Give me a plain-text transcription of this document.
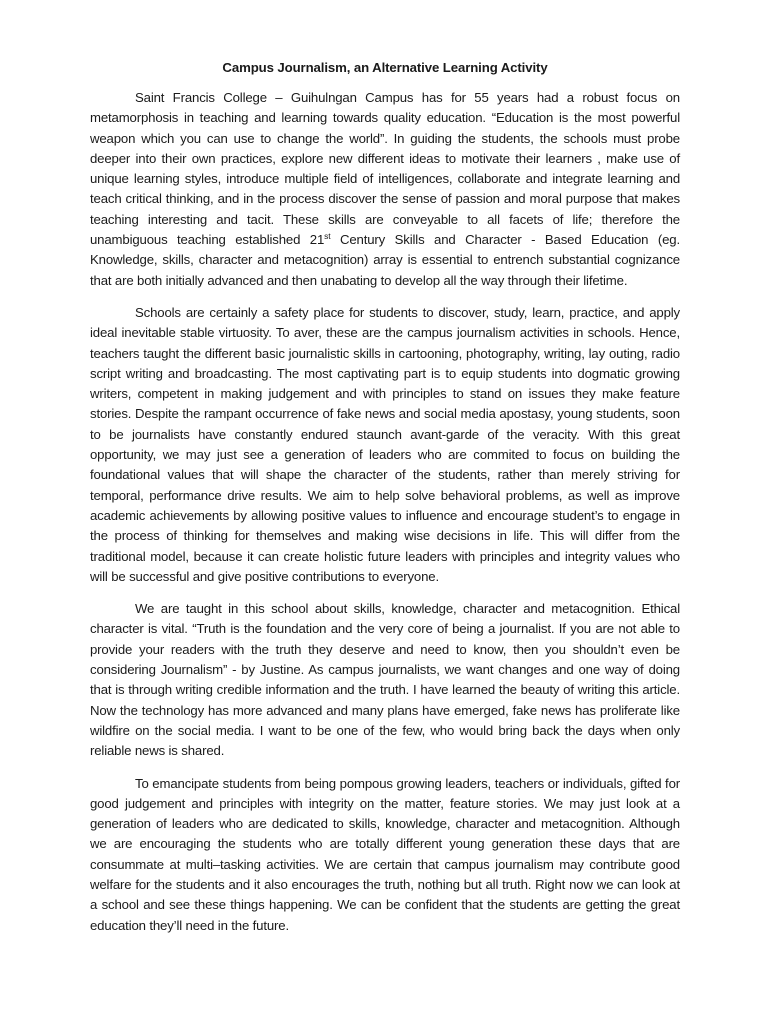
Campus Journalism, an Alternative Learning Activity

Saint Francis College – Guihulngan Campus has for 55 years had a robust focus on metamorphosis in teaching and learning towards quality education. “Education is the most powerful weapon which you can use to change the world”. In guiding the students, the schools must probe deeper into their own practices, explore new different ideas to motivate their learners , make use of unique learning styles, introduce multiple field of intelligences, collaborate and integrate learning and teach critical thinking, and in the process discover the sense of passion and moral purpose that makes teaching interesting and tacit. These skills are conveyable to all facets of life; therefore the unambiguous teaching established 21st Century Skills and Character - Based Education (eg. Knowledge, skills, character and metacognition) array is essential to entrench substantial cognizance that are both initially advanced and then unabating to develop all the way through their lifetime.

Schools are certainly a safety place for students to discover, study, learn, practice, and apply ideal inevitable stable virtuosity. To aver, these are the campus journalism activities in schools. Hence, teachers taught the different basic journalistic skills in cartooning, photography, writing, lay outing, radio script writing and broadcasting. The most captivating part is to equip students into dogmatic growing writers, competent in making judgement and with principles to stand on issues they make feature stories. Despite the rampant occurrence of fake news and social media apostasy, young students, soon to be journalists have constantly endured staunch avant-garde of the veracity. With this great opportunity, we may just see a generation of leaders who are commited to focus on building the foundational values that will shape the character of the students, rather than merely striving for temporal, performance drive results. We aim to help solve behavioral problems, as well as improve academic achievements by allowing positive values to influence and encourage student’s to engage in the process of thinking for themselves and making wise decisions in life. This will differ from the traditional model, because it can create holistic future leaders with principles and integrity values who will be successful and give positive contributions to everyone.

We are taught in this school about skills, knowledge, character and metacognition. Ethical character is vital. “Truth is the foundation and the very core of being a journalist. If you are not able to provide your readers with the truth they deserve and need to know, then you shouldn’t even be considering Journalism” - by Justine. As campus journalists, we want changes and one way of doing that is through writing credible information and the truth. I have learned the beauty of writing this article. Now the technology has more advanced and many plans have emerged, fake news has proliferate like wildfire on the social media. I want to be one of the few, who would bring back the days when only reliable news is shared.

To emancipate students from being pompous growing leaders, teachers or individuals, gifted for good judgement and principles with integrity on the matter, feature stories. We may just look at a generation of leaders who are dedicated to skills, knowledge, character and metacognition. Although we are encouraging the students who are totally different young generation these days that are consummate at multi–tasking activities. We are certain that campus journalism may contribute good welfare for the students and it also encourages the truth, nothing but all truth. Right now we can look at a school and see these things happening. We can be confident that the students are getting the great education they’ll need in the future.
